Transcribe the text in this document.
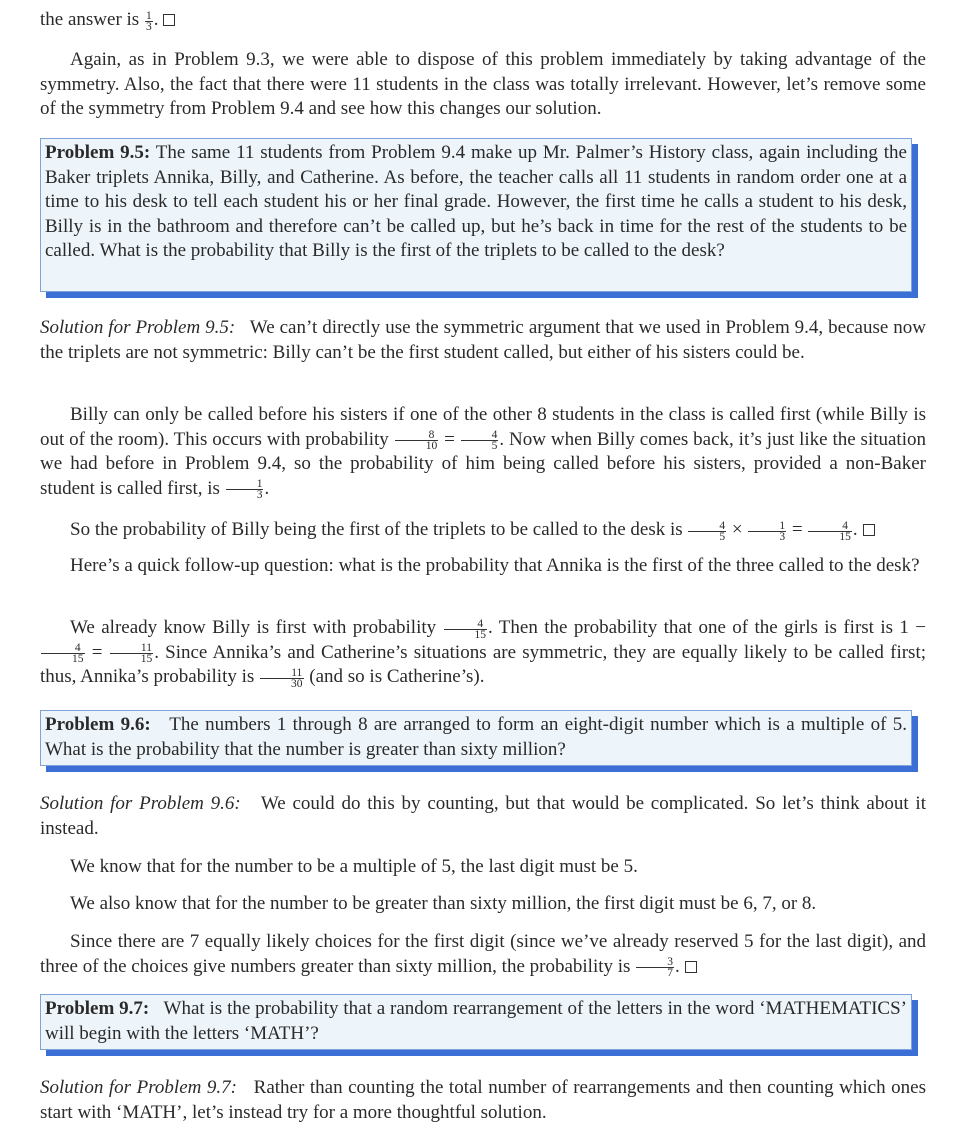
the answer is $\frac{1}{3}$ .

Again, as in Problem 9.3, we were able to dispose of this problem immediately by taking advantage of the symmetry. Also, the fact that there were 11 students in the class was totally irrelevant. However, let’s remove some of the symmetry from Problem 9.4 and see how this changes our solution.

Problem 9.5: The same 11 students from Problem 9.4 make up Mr. Palmer’s History class, again including the Baker triplets Annika, Billy, and Catherine. As before, the teacher calls all 11 students in random order one at a time to his desk to tell each student his or her final grade. However, the first time he calls a student to his desk, Billy is in the bathroom and therefore can’t be called up, but he’s back in time for the rest of the students to be called. What is the probability that Billy is the first of the triplets to be called to the desk?

Solution for Problem 9.5: We can’t directly use the symmetric argument that we used in Problem 9.4, because now the triplets are not symmetric: Billy can’t be the first student called, but either of his sisters could be.

Billy can only be called before his sisters if one of the other 8 students in the class is called first (while Billy is out of the room). This occurs with probability $\frac{8}{10} = \frac{4}{5}$ . Now when Billy comes back, it’s just like the situation we had before in Problem 9.4, so the probability of him being called before his sisters, provided a non-Baker student is called first, is $\frac{1}{3}$ .

So the probability of Billy being the first of the triplets to be called to the desk is $\frac{4}{5} \times \frac{1}{3} = \frac{4}{15}$ .

Here’s a quick follow-up question: what is the probability that Annika is the first of the three called to the desk?

We already know Billy is first with probability $\frac{4}{15}$ . Then the probability that one of the girls is first is 1 −
$\frac{4}{15} = \frac{11}{15}$ . Since Annika’s and Catherine’s situations are symmetric, they are equally likely to be called first; thus, Annika’s probability is $\frac{11}{30} (and$ so is Catherine’s).

Problem 9.6: The numbers 1 through 8 are arranged to form an eight-digit number which is a multiple of 5. What is the probability that the number is greater than sixty million?

Solution for Problem 9.6: We could do this by counting, but that would be complicated. So let’s think about it instead.

We know that for the number to be a multiple of 5, the last digit must be 5.

We also know that for the number to be greater than sixty million, the first digit must be 6, 7, or 8.

Since there are 7 equally likely choices for the first digit (since we’ve already reserved 5 for the last digit), and three of the choices give numbers greater than sixty million, the probability is $\frac{3}{7}$ .

Problem 9.7: What is the probability that a random rearrangement of the letters in the word ‘MATHEMATICS’ will begin with the letters ‘MATH’?

Solution for Problem 9.7: Rather than counting the total number of rearrangements and then counting which ones start with ‘MATH’, let’s instead try for a more thoughtful solution.
